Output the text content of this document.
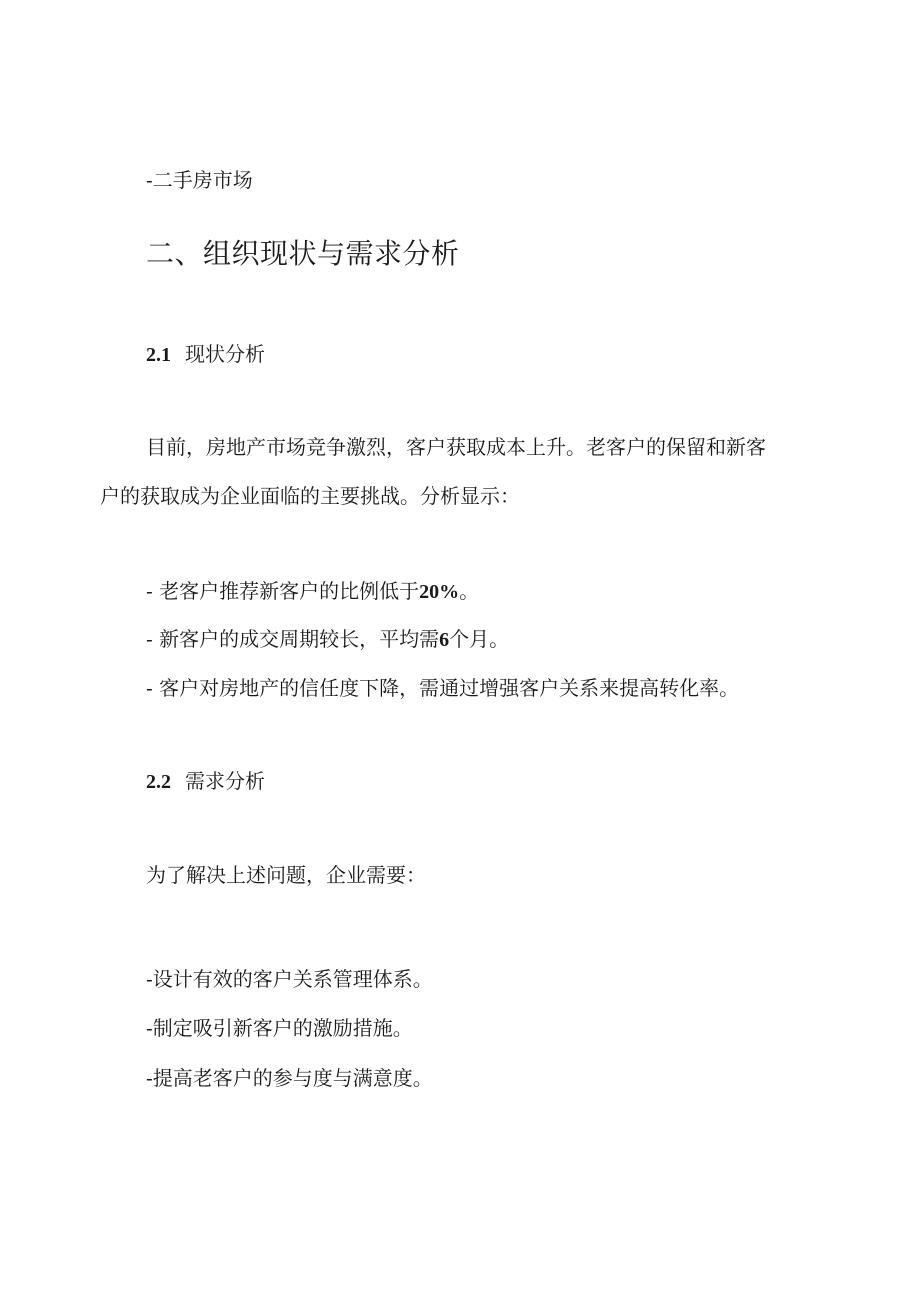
-二手房市场
二、组织现状与需求分析
2.1 现状分析
目前，房地产市场竞争激烈，客户获取成本上升。老客户的保留和新客
户的获取成为企业面临的主要挑战。分析显示：
- 老客户推荐新客户的比例低于20%。
- 新客户的成交周期较长，平均需6个月。
- 客户对房地产的信任度下降，需通过增强客户关系来提高转化率。
2.2 需求分析
为了解决上述问题，企业需要：
-设计有效的客户关系管理体系。
-制定吸引新客户的激励措施。
-提高老客户的参与度与满意度。
